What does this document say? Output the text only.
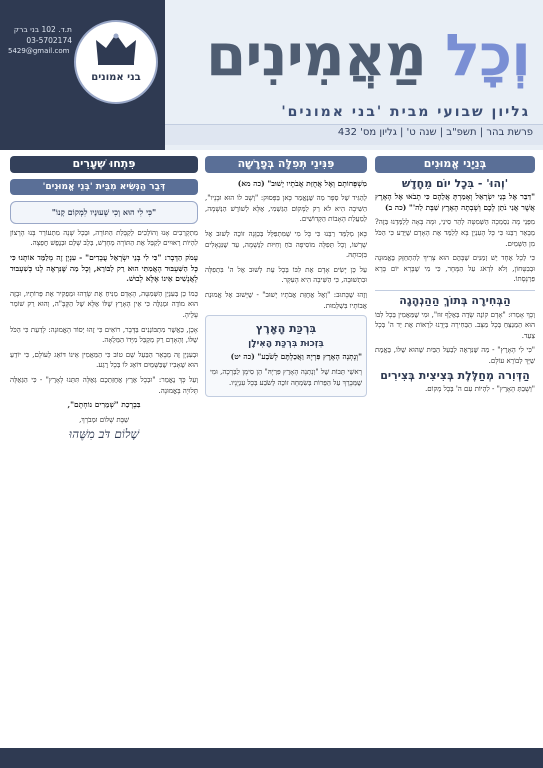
וְכָל מַאֲמִינִים
גליון שבועי מבית 'בני אמונים'
פרשת בהר | תשפ"ב | שנה ט' | גליון מס' 432
ת.ד. 102 בני ברק
03-5702174
5429@gmail.com
בני אמונים
בְּנֵיָני אֱמוּנִים
'וְהוּ' - בִּכָל יוֹם מֵחָדָשׁ

"דַּבֵּר אֶל בְּנֵי יִשְׂרָאֵל וְאָמַרְתָּ אֲלֵהֶם כִּי תָבֹאוּ אֶל הָאָרֶץ אֲשֶׁר אֲנִי נֹתֵן לָכֶם וְשָׁבְתָה הָאָרֶץ שַׁבָּת לַה'" (כה ב)

מִפְּנֵי מָה נִסְמְכָה הַשְּׁמִטָּה לְהַר סִינַי, וּמָה בָּאָה לְלַמְּדֵנוּ בְּזֶה? מְבָאֵר רַבֵּנוּ כִּי כָּל הָעִנְיָן בָּא לְלַמֵּד אֶת הָאָדָם שֶׁיֵּדַע כִּי הַכֹּל מִן הַשָּׁמַיִם.

כִּי לְכָל אֶחָד יֵשׁ זְמַנִּים שֶׁבָּהֶם הוּא צָרִיךְ לְהִתְחַזֵּק בֶּאֱמוּנָה וּבְבִטָּחוֹן, וְלֹא לִדְאֹג עַל הַמָּחָר, כִּי מִי שֶׁבָּרָא יוֹם בָּרָא פַּרְנָסָתוֹ.

הַבְּחִירָה בְּתוֹךְ הַהַנְהָגָה

וְכָךְ אָמְרוּ: "אָדָם קוֹנֶה שָׂדֶה בְּאֶלֶף זוּז", וּמִי שֶׁמַּאֲמִין בְּכָל לִבּוֹ הוּא הַמְנַצֵּחַ בְּכָל מַצָּב. הַבְּחִירָה בְּיָדֵנוּ לִרְאוֹת אֶת יַד ה' בְּכָל צַעַד.

"כִּי לִי הָאָרֶץ" - מַה שֶּׁנִּרְאֶה לְבַעַל הַבַּיִת שֶׁהוּא שֶׁלּוֹ, בֶּאֱמֶת שַׁיָּךְ לְבוֹרֵא עוֹלָם.

הַדְּוִרה מְחַלֶּלֶת בְּצִיצִית בְּצִירִים

"וְשָׁבַתְּ הָאָרֶץ" - לִהְיוֹת עִם ה' בְּכָל מָקוֹם.

פִּנִּינֵי תְּפִלָּה בְּפָרָשָׁה

מִשְׁפְּחוֹתָם וְאֶל אֲחֻזַּת אֲבֹתָיו יָשׁוּב" (כה מא)

לְהַגִּיד שֶׁל סְפָר מַה שֶּׁנֶּאֱמַר כָּאן בַּפָּסוּק: "וְשָׁב לוֹ הוּא וּבָנָיו", הַשִּׁיבָה הִיא לֹא רַק לַמָּקוֹם הַגַּשְׁמִי, אֶלָּא לְשׁוֹרֶשׁ הַנְּשָׁמָה, לְמַעֲלַת הָאָבוֹת הַקְּדוֹשִׁים.

כָּאן מְלַמֵּד רַבֵּנוּ כִּי כָּל מִי שֶׁמִּתְפַּלֵּל בְּכַוָּנָה זוֹכֶה לְשׁוּב אֶל שָׁרְשׁוֹ, וְכָל תְּפִלָּה מוֹסִיפָה כֹּחַ וְחִיּוּת לַנְּשָׁמָה, עַד שֶׁנִּגְאָלִים בִּזְכוּתָהּ.

עַל כֵּן יָשִׂים אָדָם אֶת לִבּוֹ בְּכָל עֵת לְשׁוּב אֶל ה' בִּתְפִלָּה וּבִתְשׁוּבָה, כִּי הַשִּׁיבָה הִיא הָעִקָּר.

וְזֶהוּ שֶׁכָּתוּב: "וְאֶל אֲחֻזַּת אֲבֹתָיו יָשׁוּב" - שֶׁיָּשׁוּב אֶל אֱמוּנַת אֲבוֹתָיו בִּשְׁלֵמוּת.

בִּרְכַּת הָאָרֶץ
בִּזְכוּת בִּרְכַּת הָאִילָן

"וְנָתְנָה הָאָרֶץ פִּרְיָהּ וַאֲכַלְתֶּם לָשֹׂבַע" (כה יט)

רָאשֵׁי תֵּבוֹת שֶׁל "וְנָתְנָה הָאָרֶץ פִּרְיָהּ" הֵן סִימָן לַבְּרָכָה, וּמִי שֶׁמְּבָרֵךְ עַל הַפֵּרוֹת בְּשִׂמְחָה זוֹכֶה לְשֹׂבַע בְּכָל עִנְיָנָיו.

פִּתְחוּ שְׁעָרִים
דְּבַר הַנְּשִׂיא מִבֵּית 'בְּנֵי אֱמוּנִים'
"כִּי לִי הוּא וְכִי שְׁעוּנָיו לִמְקוֹם קָנוֹ"

מִתְקָרְבִים אָנוּ וְהוֹלְכִים לְקַבָּלַת הַתּוֹרָה, וּבְכָל שָׁנָה מִתְעוֹרֵר בָּנוּ הָרָצוֹן לִהְיוֹת רְאוּיִים לְקַבֵּל אֶת הַתּוֹרָה מֵחָדָשׁ, בְּלֵב שָׁלֵם וּבְנֶפֶשׁ חֲפֵצָה.

עָמֹק הַדָּבָר: "כִּי לִי בְּנֵי יִשְׂרָאֵל עֲבָדִים" - עִנְיָן זֶה מְלַמֵּד אוֹתָנוּ כִּי כָּל הַשִּׁעְבּוּד הָאֲמִתִּי הוּא רַק לַבּוֹרֵא, וְכָל מַה שֶּׁנִּרְאֶה לָנוּ כְּשִׁעְבּוּד לָאֲנָשִׁים אֵינוֹ אֶלָּא לְבוּשׁ.

כְּמוֹ כֵן בְּעִנְיַן הַשְּׁמִטָּה, הָאָדָם מַנִּיחַ אֶת שָׂדֵהוּ וּמַפְקִיר אֶת פֵּרוֹתָיו, וּבָזֶה הוּא מוֹדֶה וּמְגַלֶּה כִּי אֵין הָאָרֶץ שֶׁלּוֹ אֶלָּא שֶׁל הַקָּבָּ"ה, וְהוּא רַק שׁוֹמֵר עָלֶיהָ.

אָכֵן, כַּאֲשֶׁר מִתְבּוֹנְנִים בַּדָּבָר, רוֹאִים כִּי זֶהוּ יְסוֹד הָאֱמוּנָה: לָדַעַת כִּי הַכֹּל שֶׁלּוֹ, וְהָאָדָם רַק מְקַבֵּל מִיָּדוֹ הַמְּלֵאָה.

וּבְעִנְיָן זֶה מְבָאֵר הַבַּעַל שֵׁם טוֹב כִּי הַמַּאֲמִין אֵינוֹ דּוֹאֵג לְעוֹלָם, כִּי יוֹדֵעַ הוּא שֶׁאָבִיו שֶׁבַּשָּׁמַיִם דּוֹאֵג לוֹ בְּכָל רֶגַע.

וְעַל כָּךְ נֶאֱמַר: "וּבְכָל אֶרֶץ אֲחֻזַּתְכֶם גְּאֻלָּה תִּתְּנוּ לָאָרֶץ" - כִּי הַגְּאֻלָּה תָּלוּיָה בָּאֱמוּנָה.

בִּבְרָכַת "שְׁמֵרִים נוֹחְתָם",

שַׁבָּת שָׁלוֹם וּמְבֹרָךְ,

שָׁלוֹם דֹּב מִשֶּׁהוּ
